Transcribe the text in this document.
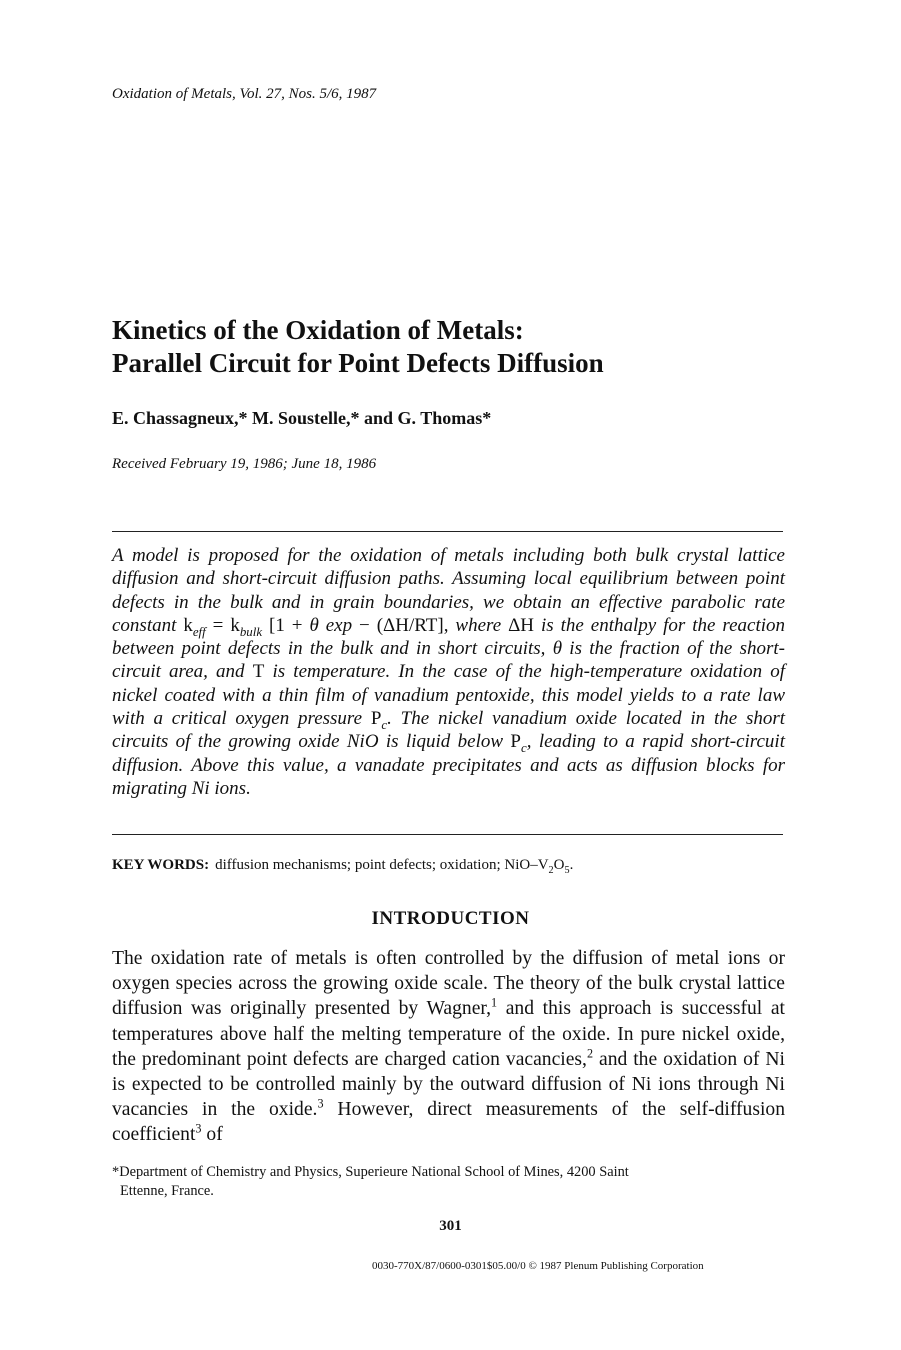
Oxidation of Metals, Vol. 27, Nos. 5/6, 1987
Kinetics of the Oxidation of Metals:
Parallel Circuit for Point Defects Diffusion
E. Chassagneux,* M. Soustelle,* and G. Thomas*
Received February 19, 1986; June 18, 1986
A model is proposed for the oxidation of metals including both bulk crystal lattice diffusion and short-circuit diffusion paths. Assuming local equilibrium between point defects in the bulk and in grain boundaries, we obtain an effective parabolic rate constant $k_{eff} = k_{bulk}$ [1 + θ exp − (ΔH/RT], where ΔH is the enthalpy for the reaction between point defects in the bulk and in short circuits, θ is the fraction of the short-circuit area, and T is temperature. In the case of the high-temperature oxidation of nickel coated with a thin film of vanadium pentoxide, this model yields to a rate law with a critical oxygen pressure $P_c$. The nickel vanadium oxide located in the short circuits of the growing oxide NiO is liquid below $P_c$, leading to a rapid short-circuit diffusion. Above this value, a vanadate precipitates and acts as diffusion blocks for migrating Ni ions.
KEY WORDS: diffusion mechanisms; point defects; oxidation; NiO–$V_2O_5$.
INTRODUCTION
The oxidation rate of metals is often controlled by the diffusion of metal ions or oxygen species across the growing oxide scale. The theory of the bulk crystal lattice diffusion was originally presented by Wagner,$^1$ and this approach is successful at temperatures above half the melting temperature of the oxide. In pure nickel oxide, the predominant point defects are charged cation vacancies,$^2$ and the oxidation of Ni is expected to be controlled mainly by the outward diffusion of Ni ions through Ni vacancies in the oxide.$^3$ However, direct measurements of the self-diffusion coefficient$^3$ of
*Department of Chemistry and Physics, Superieure National School of Mines, 4200 Saint
Ettenne, France.
301
0030-770X/87/0600-0301$05.00/0 © 1987 Plenum Publishing Corporation
